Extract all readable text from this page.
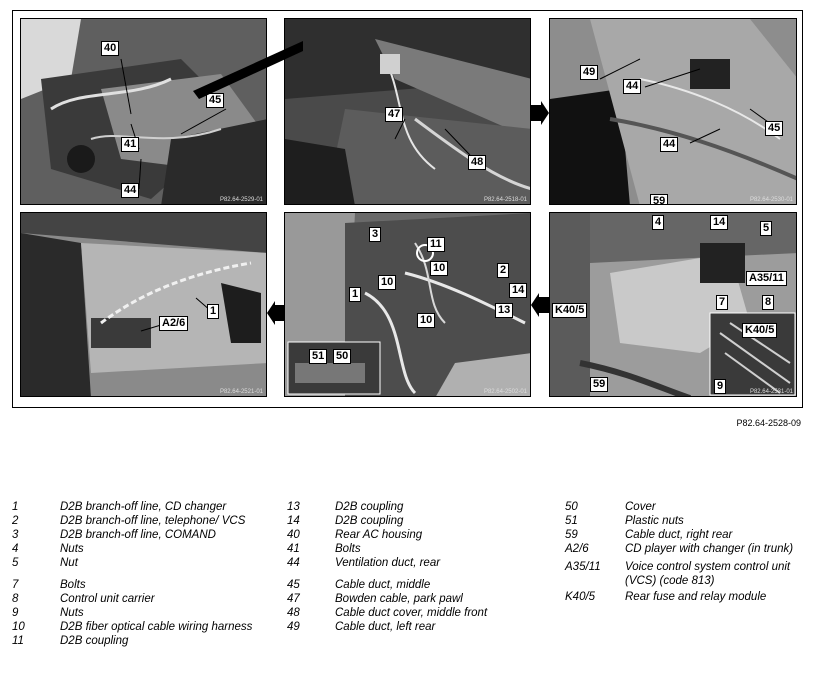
40
45
41
44
P82.64-2529-01
47
48
P82.64-2518-01
49
44
45
44
59	P82.64-2530-01
1
A2/6
P82.64-2521-01
3
11
10
10
2
14
1
13
10
51 50
P82.64-2502-01
4	14	5
A35/11
7	8
K40/5
K40/5
9
59
P82.64-2531-01
P82.64-2528-09
1	D2B branch-off line, CD changer
2	D2B branch-off line, telephone/ VCS
3	D2B branch-off line, COMAND
4	Nuts
5	Nut
7	Bolts
8	Control unit carrier
9	Nuts
10	D2B fiber optical cable wiring harness
11	D2B coupling
13	D2B coupling
14	D2B coupling
40	Rear AC housing
41	Bolts
44	Ventilation duct, rear
45	Cable duct, middle
47	Bowden cable, park pawl
48	Cable duct cover, middle front
49	Cable duct, left rear
50	Cover
51	Plastic nuts
59	Cable duct, right rear
A2/6	CD player with changer (in trunk)
A35/11	Voice control system control unit (VCS) (code 813)
K40/5	Rear fuse and relay module
